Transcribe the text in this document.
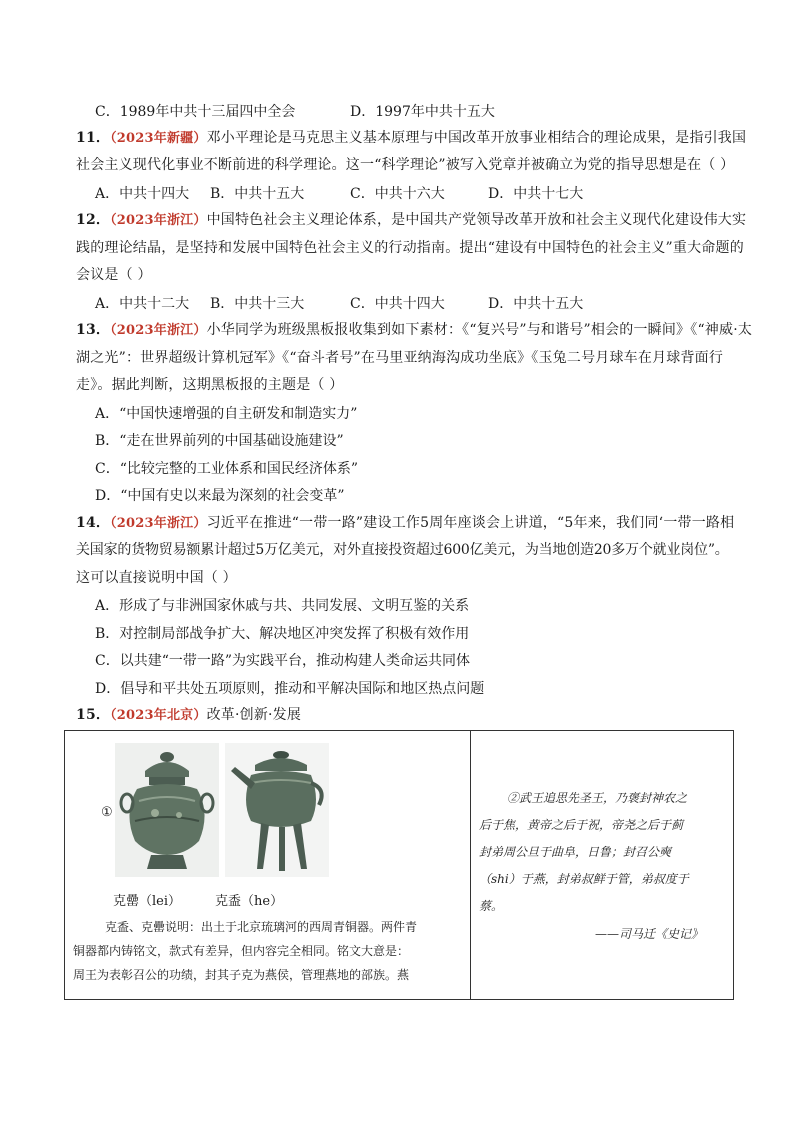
C．1989年中共十三届四中全会	D．1997年中共十五大
11．（2023年新疆）邓小平理论是马克思主义基本原理与中国改革开放事业相结合的理论成果，是指引我国
社会主义现代化事业不断前进的科学理论。这一“科学理论”被写入党章并被确立为党的指导思想是在（ ）
A．中共十四大 B．中共十五大	C．中共十六大	D．中共十七大
12．（2023年浙江）中国特色社会主义理论体系，是中国共产党领导改革开放和社会主义现代化建设伟大实
践的理论结晶，是坚持和发展中国特色社会主义的行动指南。提出“建设有中国特色的社会主义”重大命题的
会议是（ ）
A．中共十二大 B．中共十三大	C．中共十四大	D．中共十五大
13．（2023年浙江）小华同学为班级黑板报收集到如下素材：《“复兴号”与和谐号”相会的一瞬间》《“神威·太
湖之光”：世界超级计算机冠军》《“奋斗者号”在马里亚纳海沟成功坐底》《玉兔二号月球车在月球背面行
走》。据此判断，这期黑板报的主题是（ ）
A．“中国快速增强的自主研发和制造实力”
B．“走在世界前列的中国基础设施建设”
C．“比较完整的工业体系和国民经济体系”
D．“中国有史以来最为深刻的社会变革”
14．（2023年浙江）习近平在推进“一带一路”建设工作5周年座谈会上讲道，“5年来，我们同‘一带一路相
关国家的货物贸易额累计超过5万亿美元，对外直接投资超过600亿美元，为当地创造20多万个就业岗位”。
这可以直接说明中国（ ）
A．形成了与非洲国家休戚与共、共同发展、文明互鉴的关系
B．对控制局部战争扩大、解决地区冲突发挥了积极有效作用
C．以共建“一带一路”为实践平台，推动构建人类命运共同体
D．倡导和平共处五项原则，推动和平解决国际和地区热点问题
15．（2023年北京）改革·创新·发展
①
克罍（lei）	克盉（he）
克盉、克罍说明：出土于北京琉璃河的西周青铜器。两件青
铜器都内铸铭文，款式有差异，但内容完全相同。铭文大意是：
周王为表彰召公的功绩，封其子克为燕侯，管理燕地的部族。燕

②武王追思先圣王，乃褒封神农之
后于焦，黄帝之后于祝，帝尧之后于蓟
封弟周公旦于曲阜，日鲁；封召公奭
（shi）于燕，封弟叔鲜于管，弟叔度于
蔡。
——司马迁《史记》
